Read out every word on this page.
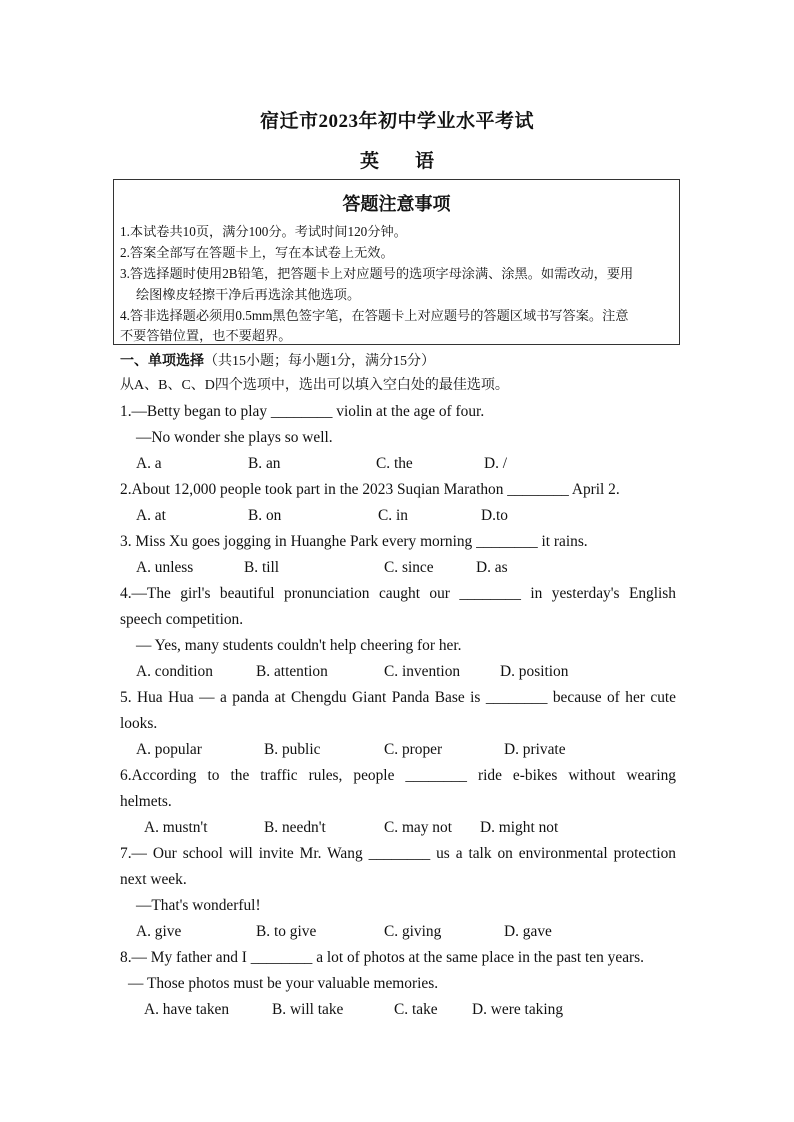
宿迁市2023年初中学业水平考试
英 语
答题注意事项
1.本试卷共10页，满分100分。考试时间120分钟。
2.答案全部写在答题卡上，写在本试卷上无效。
3.答选择题时使用2B铅笔，把答题卡上对应题号的选项字母涂满、涂黑。如需改动，要用
绘图橡皮轻擦干净后再选涂其他选项。
4.答非选择题必须用0.5mm黑色签字笔，在答题卡上对应题号的答题区域书写答案。注意
不要答错位置，也不要超界。
一、单项选择（共15小题；每小题1分，满分15分）
从A、B、C、D四个选项中，选出可以填入空白处的最佳选项。
1.—Betty began to play ________ violin at the age of four.
—No wonder she plays so well.
A. a	B. an	C. the	D. /
2.About 12,000 people took part in the 2023 Suqian Marathon ________ April 2.
A. at	B. on	C. in	D.to
3. Miss Xu goes jogging in Huanghe Park every morning ________ it rains.
A. unless	B. till	C. since	D. as
4.—The girl's beautiful pronunciation caught our ________ in yesterday's English
speech competition.
— Yes, many students couldn't help cheering for her.
A. condition	B. attention	C. invention	D. position
5. Hua Hua — a panda at Chengdu Giant Panda Base is ________ because of her cute
looks.
A. popular	B. public	C. proper	D. private
6.According to the traffic rules, people ________ ride e-bikes without wearing
helmets.
A. mustn't	B. needn't	C. may not D. might not
7.— Our school will invite Mr. Wang ________ us a talk on environmental protection
next week.
—That's wonderful!
A. give	B. to give	C. giving	D. gave
8.— My father and I ________ a lot of photos at the same place in the past ten years.
— Those photos must be your valuable memories.
A. have taken	B. will take	C. take D. were taking
